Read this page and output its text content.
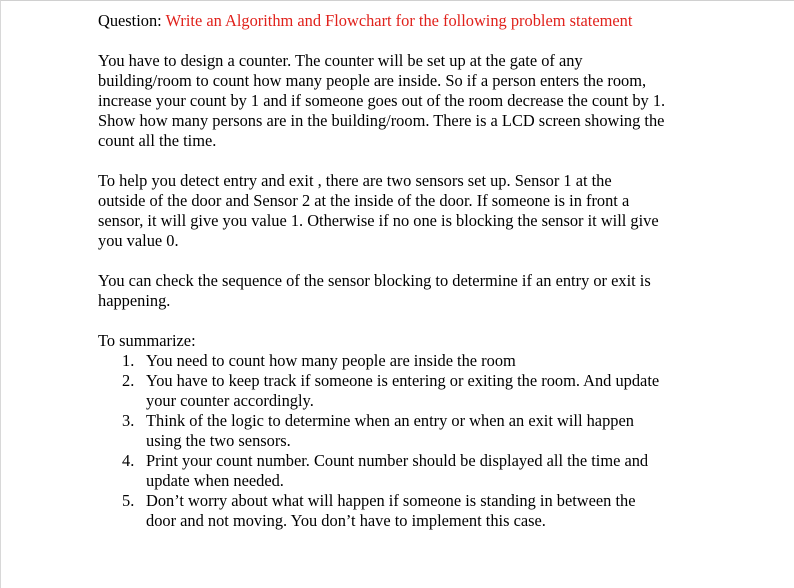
Question: Write an Algorithm and Flowchart for the following problem statement

You have to design a counter. The counter will be set up at the gate of any
building/room to count how many people are inside. So if a person enters the room,
increase your count by 1 and if someone goes out of the room decrease the count by 1.
Show how many persons are in the building/room. There is a LCD screen showing the
count all the time.

To help you detect entry and exit , there are two sensors set up. Sensor 1 at the
outside of the door and Sensor 2 at the inside of the door. If someone is in front a
sensor, it will give you value 1. Otherwise if no one is blocking the sensor it will give
you value 0.

You can check the sequence of the sensor blocking to determine if an entry or exit is
happening.

To summarize:

1. You need to count how many people are inside the room
2. You have to keep track if someone is entering or exiting the room. And update
your counter accordingly.
3. Think of the logic to determine when an entry or when an exit will happen
using the two sensors.
4. Print your count number. Count number should be displayed all the time and
update when needed.
5. Don’t worry about what will happen if someone is standing in between the
door and not moving. You don’t have to implement this case.
